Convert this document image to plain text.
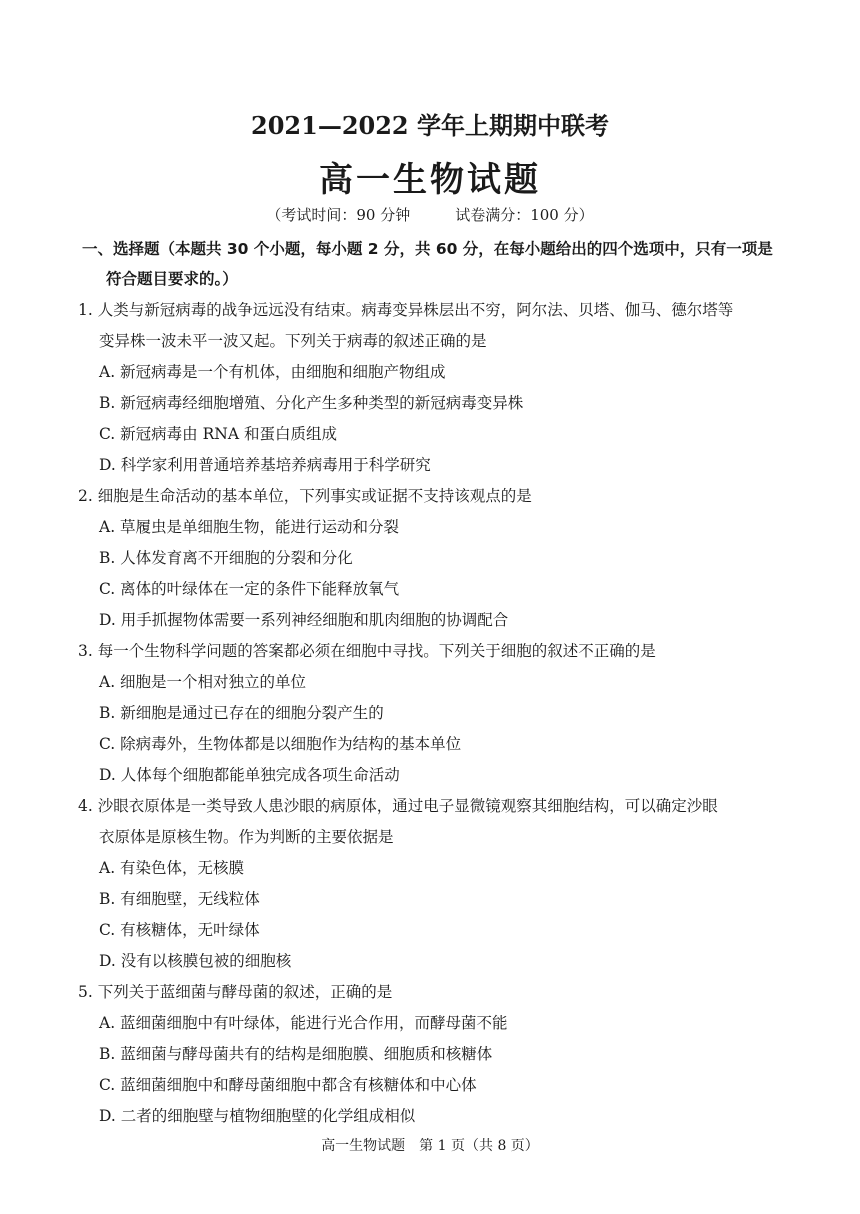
2021—2022 学年上期期中联考
高一生物试题
（考试时间：90 分钟　　　试卷满分：100 分）
一、选择题（本题共 30 个小题，每小题 2 分，共 60 分，在每小题给出的四个选项中，只有一项是
符合题目要求的。）

1. 人类与新冠病毒的战争远远没有结束。病毒变异株层出不穷，阿尔法、贝塔、伽马、德尔塔等
变异株一波未平一波又起。下列关于病毒的叙述正确的是

A. 新冠病毒是一个有机体，由细胞和细胞产物组成

B. 新冠病毒经细胞增殖、分化产生多种类型的新冠病毒变异株

C. 新冠病毒由 RNA 和蛋白质组成

D. 科学家利用普通培养基培养病毒用于科学研究

2. 细胞是生命活动的基本单位，下列事实或证据不支持该观点的是

A. 草履虫是单细胞生物，能进行运动和分裂

B. 人体发育离不开细胞的分裂和分化

C. 离体的叶绿体在一定的条件下能释放氧气

D. 用手抓握物体需要一系列神经细胞和肌肉细胞的协调配合

3. 每一个生物科学问题的答案都必须在细胞中寻找。下列关于细胞的叙述不正确的是

A. 细胞是一个相对独立的单位

B. 新细胞是通过已存在的细胞分裂产生的

C. 除病毒外，生物体都是以细胞作为结构的基本单位

D. 人体每个细胞都能单独完成各项生命活动

4. 沙眼衣原体是一类导致人患沙眼的病原体，通过电子显微镜观察其细胞结构，可以确定沙眼
衣原体是原核生物。作为判断的主要依据是

A. 有染色体，无核膜

B. 有细胞壁，无线粒体

C. 有核糖体，无叶绿体

D. 没有以核膜包被的细胞核

5. 下列关于蓝细菌与酵母菌的叙述，正确的是

A. 蓝细菌细胞中有叶绿体，能进行光合作用，而酵母菌不能

B. 蓝细菌与酵母菌共有的结构是细胞膜、细胞质和核糖体

C. 蓝细菌细胞中和酵母菌细胞中都含有核糖体和中心体

D. 二者的细胞壁与植物细胞壁的化学组成相似

高一生物试题　第 1 页（共 8 页）
